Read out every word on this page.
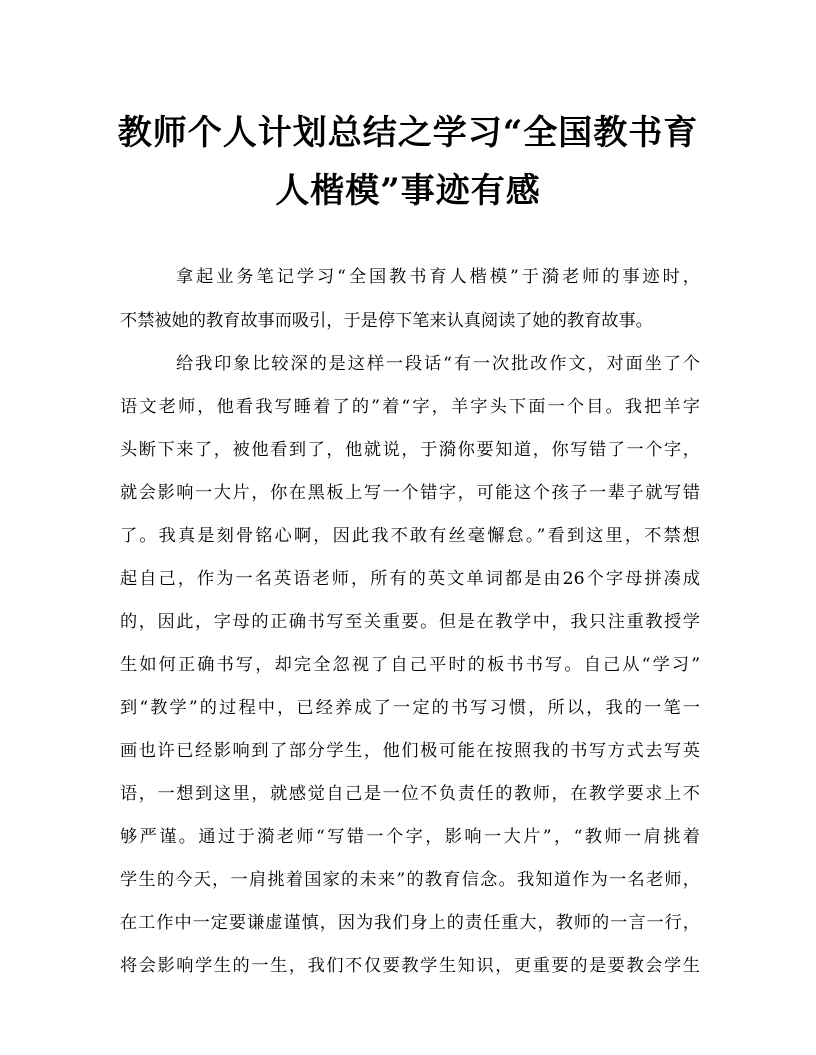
教师个人计划总结之学习“全国教书育
人楷模”事迹有感
拿起业务笔记学习“全国教书育人楷模”于漪老师的事迹时，
不禁被她的教育故事而吸引，于是停下笔来认真阅读了她的教育故事。
给我印象比较深的是这样一段话“有一次批改作文，对面坐了个
语文老师，他看我写睡着了的”着“字，羊字头下面一个目。我把羊字
头断下来了，被他看到了，他就说，于漪你要知道，你写错了一个字，
就会影响一大片，你在黑板上写一个错字，可能这个孩子一辈子就写错
了。我真是刻骨铭心啊，因此我不敢有丝毫懈怠。”看到这里，不禁想
起自己，作为一名英语老师，所有的英文单词都是由26个字母拼凑成
的，因此，字母的正确书写至关重要。但是在教学中，我只注重教授学
生如何正确书写，却完全忽视了自己平时的板书书写。自己从“学习”
到“教学”的过程中，已经养成了一定的书写习惯，所以，我的一笔一
画也许已经影响到了部分学生，他们极可能在按照我的书写方式去写英
语，一想到这里，就感觉自己是一位不负责任的教师，在教学要求上不
够严谨。通过于漪老师“写错一个字，影响一大片”，“教师一肩挑着
学生的今天，一肩挑着国家的未来”的教育信念。我知道作为一名老师，
在工作中一定要谦虚谨慎，因为我们身上的责任重大，教师的一言一行，
将会影响学生的一生，我们不仅要教学生知识，更重要的是要教会学生
